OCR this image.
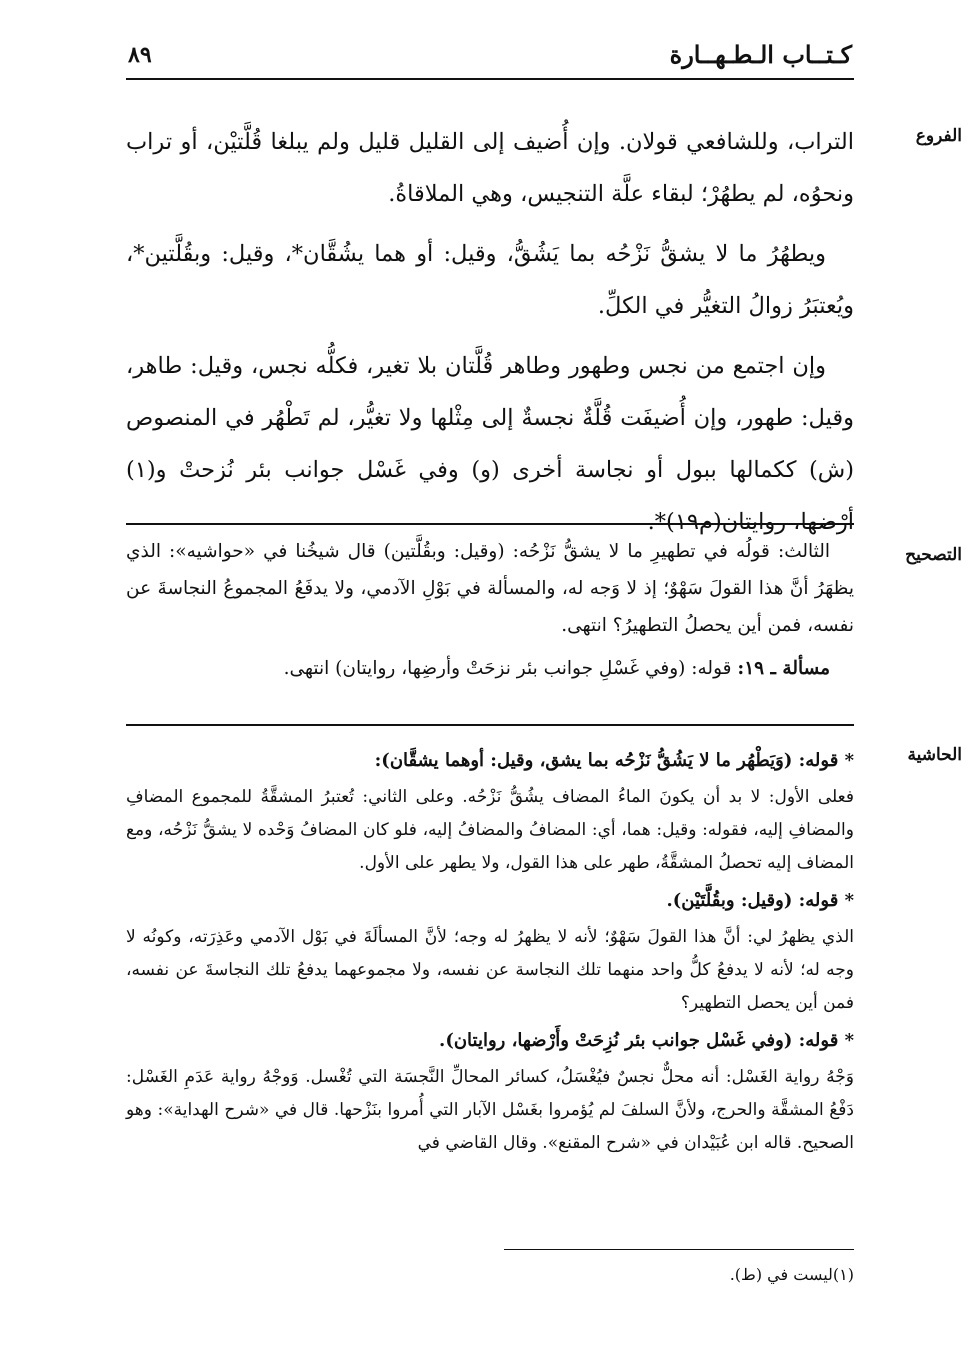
كـتــاب الـطـهــارة
٨٩
الفروع
التصحيح
الحاشية

التراب، وللشافعي قولان. وإن أُضيف إلى القليل قليل ولم يبلغا قُلَّتيْن، أو تراب ونحوُه، لم يطهُرْ؛ لبقاء علَّة التنجيس، وهي الملاقاةُ.

ويطهُرُ ما لا يشقُّ نَزْحُه بما يَشُقُّ، وقيل: أو هما يشُقَّان*، وقيل: وبقُلَّتين*، ويُعتبَرُ زوالُ التغيُّر في الكلِّ.

وإن اجتمع من نجس وطهور وطاهر قُلَّتان بلا تغير، فكلُّه نجس، وقيل: طاهر، وقيل: طهور، وإن أُضيفَت قُلَّةٌ نجسةٌ إلى مِثْلها ولا تغيُّر، لم تَطْهُر في المنصوص (ش) ككمالها ببول أو نجاسة أخرى (و) وفي غَسْل جوانب بئر نُزحتْ و(١) أرْضها، روايتان(م١٩)*.

الثالث: قولُه في تطهيرِ ما لا يشقُّ نَزْحُه: (وقيل: وبقُلَّتين) قال شيخُنا في «حواشيه»: الذي يظهَرُ أنَّ هذا القولَ سَهْوٌ؛ إذ لا وَجه له، والمسألة في بَوْلِ الآدمي، ولا يدفَعُ المجموعُ النجاسةَ عن نفسه، فمن أين يحصلُ التطهيرُ؟ انتهى.

مسألة ـ ١٩: قوله: (وفي غَسْلِ جوانب بئر نزحَتْ وأرضِها، روايتان) انتهى.

* قوله: (وَيَطْهُر ما لا يَشُقُّ نَزْحُه بما يشق، وقيل: أوهما يشقَّان):

فعلى الأول: لا بد أن يكونَ الماءُ المضاف يشُقُّ نَزْحُه. وعلى الثاني: تُعتبرُ المشقَّةُ للمجموع المضافِ والمضافِ إليه، فقوله: وقيل: هما، أي: المضافُ والمضافُ إليه، فلو كان المضافُ وَحْده لا يشقُّ نَزْحُه، ومع المضاف إليه تحصلُ المشقَّةُ، طهر على هذا القول، ولا يطهر على الأول.

* قوله: (وقيل: وبقُلَّتَيْن).

الذي يظهرُ لي: أنَّ هذا القولَ سَهْوٌ؛ لأنه لا يظهرُ له وجه؛ لأنَّ المسألَةَ في بَوْل الآدمي وعَذِرَته، وكونُه لا وجه له؛ لأنه لا يدفعُ كلُّ واحد منهما تلك النجاسة عن نفسه، ولا مجموعهما يدفعُ تلك النجاسةَ عن نفسه، فمن أين يحصل التطهير؟

* قوله: (وفي غَسْل جوانب بئر نُزِحَتْ وأَرْضها، روايتان).

وَجْهُ رواية الغَسْل: أنه محلٌّ نجسٌ فيُغْسَلُ، كسائر المحالِّ النَّجسَة التي تُغْسل. وَوجْهُ رواية عَدَمِ الغَسْل: دَفْعُ المشقَّة والحرج، ولأنَّ السلفَ لم يُؤمروا بغَسْل الآبار التي أُمروا بنَزْحها. قال في «شرح الهداية»: وهو الصحيح. قاله ابن عُبَيْدان في «شرح المقنع». وقال القاضي في

(١)ليست في (ط).
